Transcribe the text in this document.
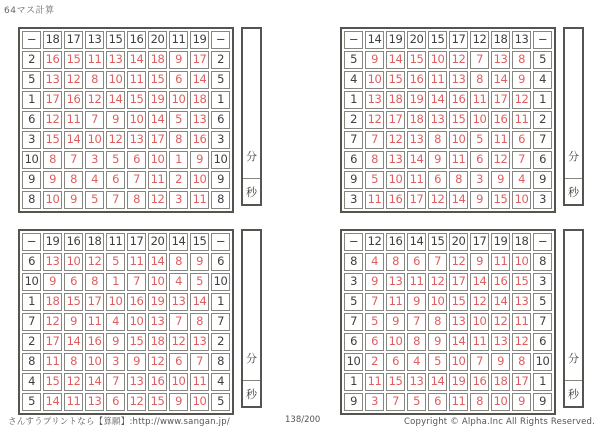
64マス計算
−	18	17	13	15	16	20	11	19	−
2	16	15	11	13	14	18	9	17	2
5	13	12	8	10	11	15	6	14	5
1	17	16	12	14	15	19	10	18	1
6	12	11	7	9	10	14	5	13	6
3	15	14	10	12	13	17	8	16	3
10	8	7	3	5	6	10	1	9	10
9	9	8	4	6	7	11	2	10	9
8	10	9	5	7	8	12	3	11	8
分
秒
−	14	19	20	15	17	12	18	13	−
5	9	14	15	10	12	7	13	8	5
4	10	15	16	11	13	8	14	9	4
1	13	18	19	14	16	11	17	12	1
2	12	17	18	13	15	10	16	11	2
7	7	12	13	8	10	5	11	6	7
6	8	13	14	9	11	6	12	7	6
9	5	10	11	6	8	3	9	4	9
3	11	16	17	12	14	9	15	10	3
分
秒
−	19	16	18	11	17	20	14	15	−
6	13	10	12	5	11	14	8	9	6
10	9	6	8	1	7	10	4	5	10
1	18	15	17	10	16	19	13	14	1
7	12	9	11	4	10	13	7	8	7
2	17	14	16	9	15	18	12	13	2
8	11	8	10	3	9	12	6	7	8
4	15	12	14	7	13	16	10	11	4
5	14	11	13	6	12	15	9	10	5
分
秒
−	12	16	14	15	20	17	19	18	−
8	4	8	6	7	12	9	11	10	8
3	9	13	11	12	17	14	16	15	3
5	7	11	9	10	15	12	14	13	5
7	5	9	7	8	13	10	12	11	7
6	6	10	8	9	14	11	13	12	6
10	2	6	4	5	10	7	9	8	10
1	11	15	13	14	19	16	18	17	1
9	3	7	5	6	11	8	10	9	9
分
秒
さんすうプリントなら【算願】:http://www.sangan.jp/	138/200	Copyright © Alpha.Inc All Rights Reserved.
